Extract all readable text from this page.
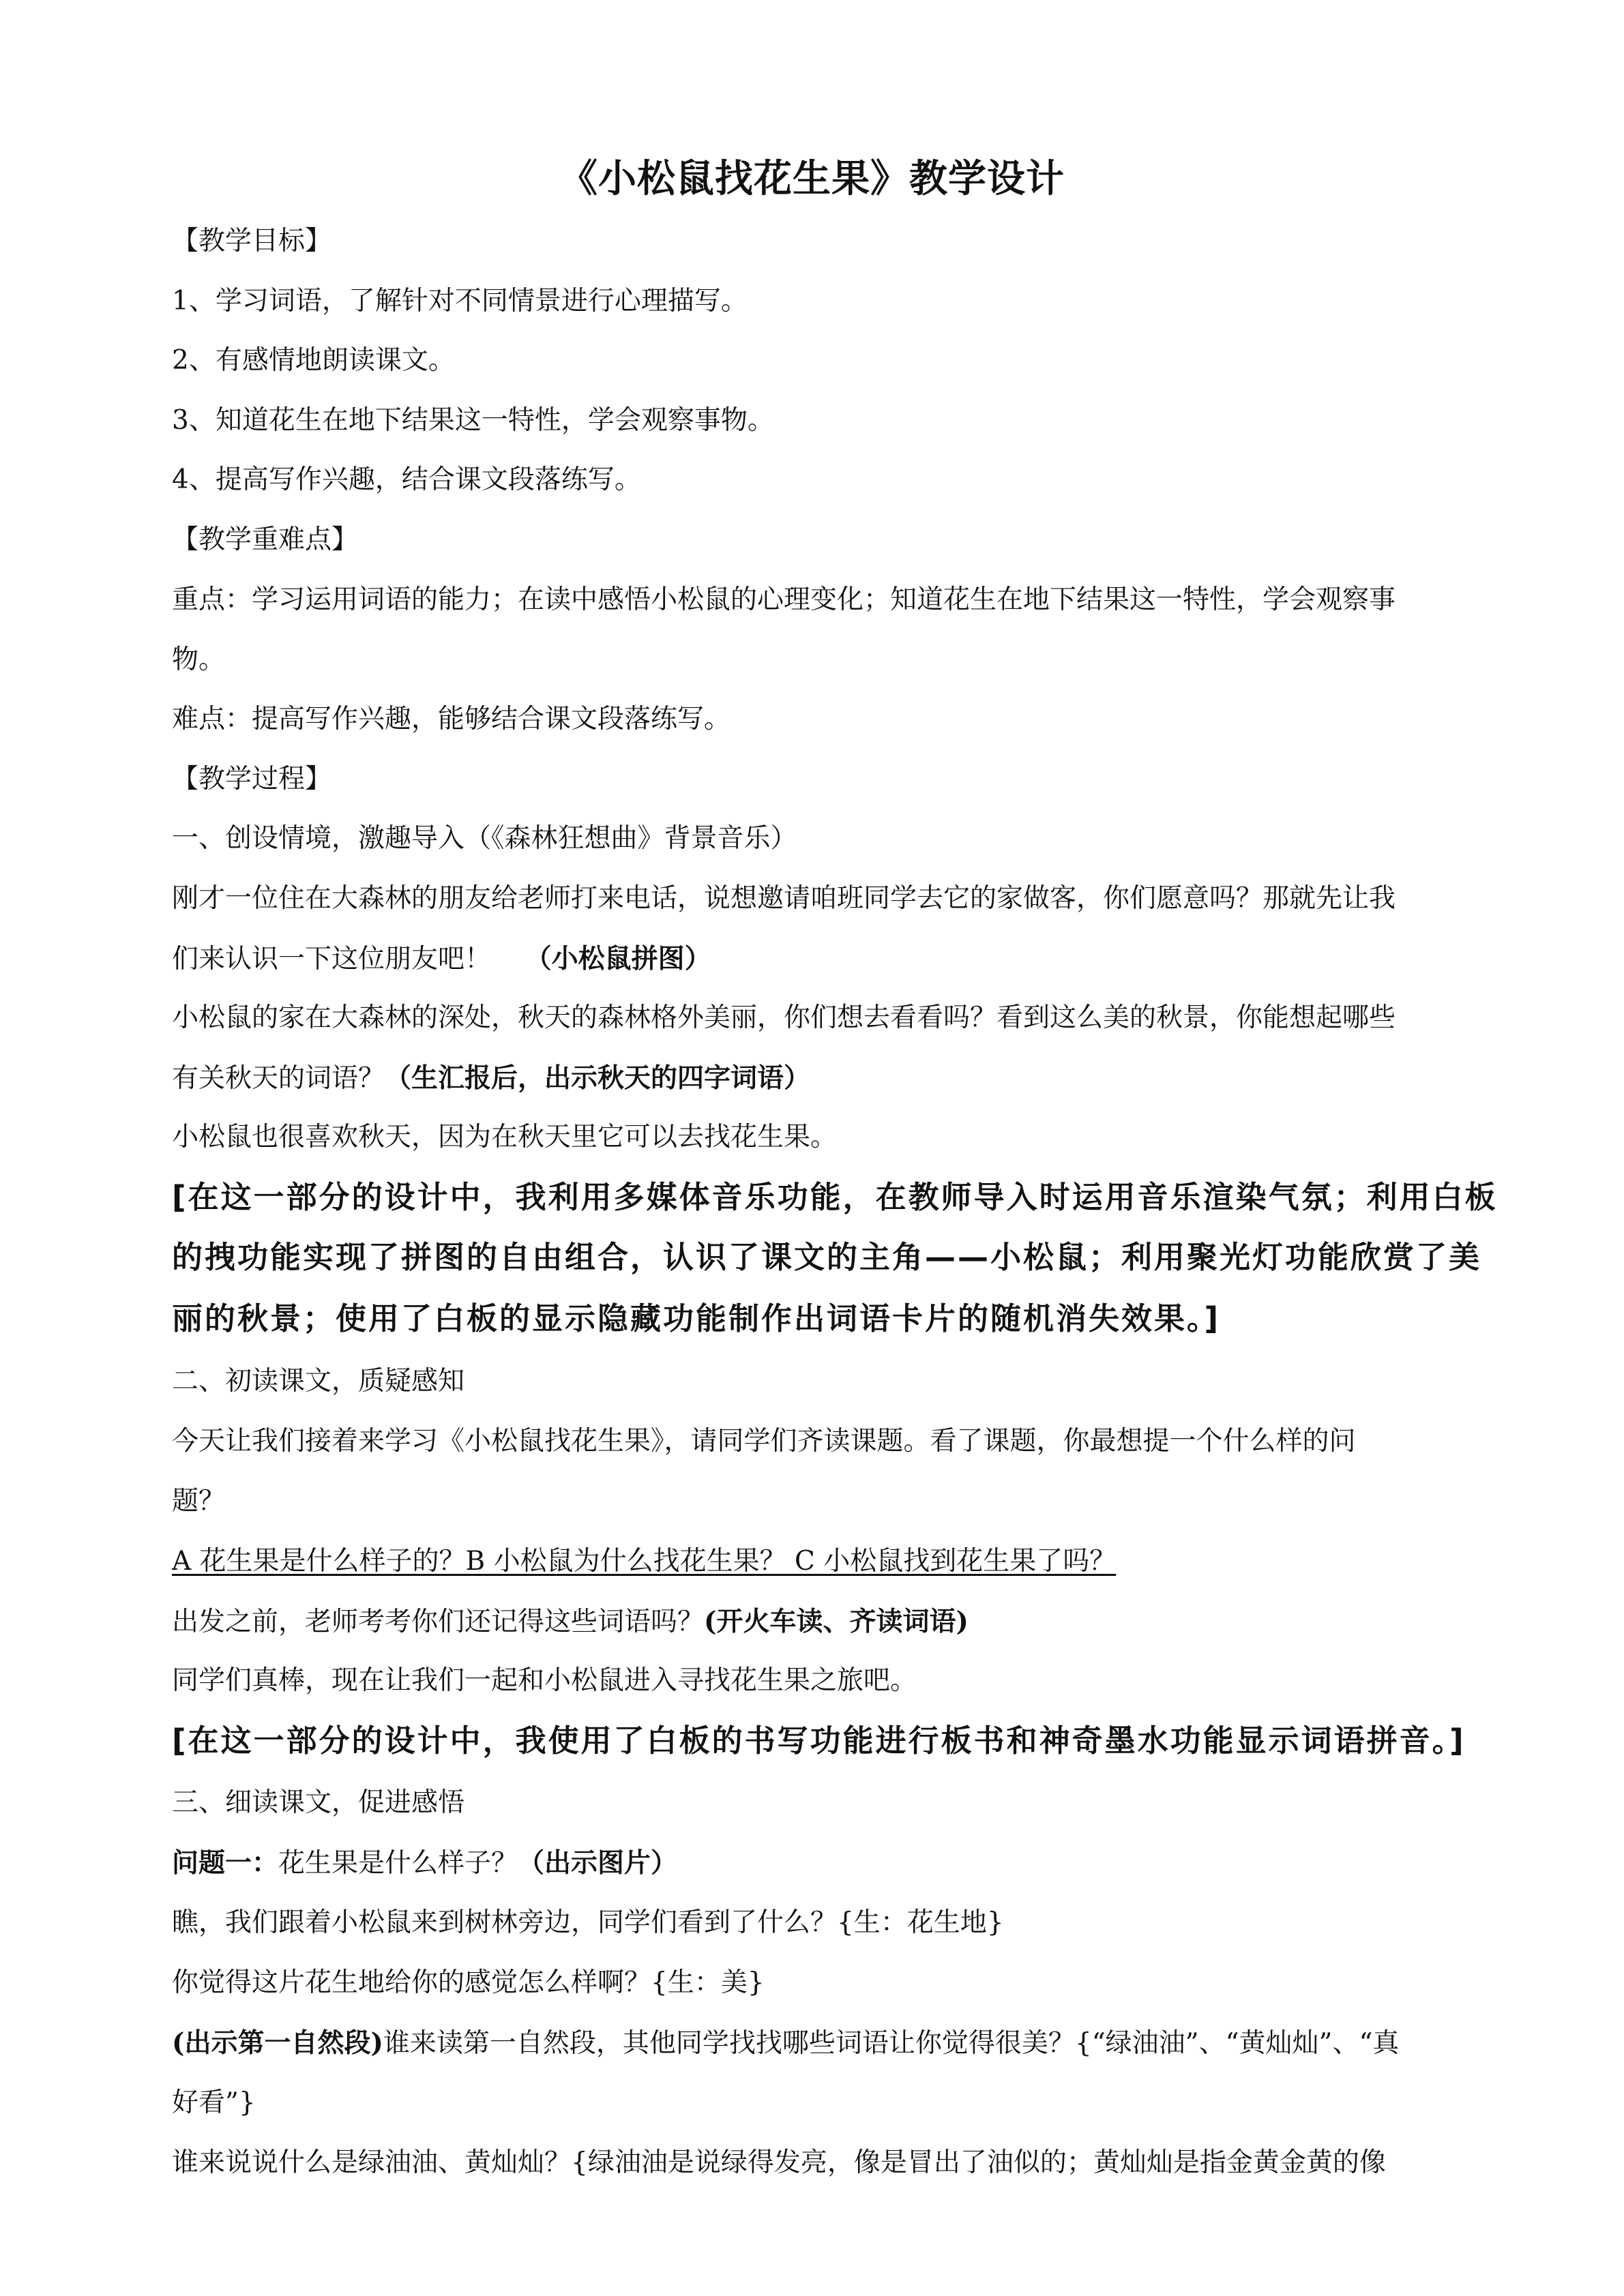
《小松鼠找花生果》教学设计
【教学目标】
1、学习词语，了解针对不同情景进行心理描写。
2、有感情地朗读课文。
3、知道花生在地下结果这一特性，学会观察事物。
4、提高写作兴趣，结合课文段落练写。
【教学重难点】
重点：学习运用词语的能力；在读中感悟小松鼠的心理变化；知道花生在地下结果这一特性，学会观察事
物。
难点：提高写作兴趣，能够结合课文段落练写。
【教学过程】
一、创设情境，激趣导入（《森林狂想曲》背景音乐）
刚才一位住在大森林的朋友给老师打来电话，说想邀请咱班同学去它的家做客，你们愿意吗？那就先让我
们来认识一下这位朋友吧！ （小松鼠拼图）
小松鼠的家在大森林的深处，秋天的森林格外美丽，你们想去看看吗？看到这么美的秋景，你能想起哪些
有关秋天的词语？（生汇报后，出示秋天的四字词语）
小松鼠也很喜欢秋天，因为在秋天里它可以去找花生果。
[在这一部分的设计中，我利用多媒体音乐功能，在教师导入时运用音乐渲染气氛；利用白板
的拽功能实现了拼图的自由组合，认识了课文的主角——小松鼠；利用聚光灯功能欣赏了美
丽的秋景；使用了白板的显示隐藏功能制作出词语卡片的随机消失效果。]
二、初读课文，质疑感知
今天让我们接着来学习《小松鼠找花生果》，请同学们齐读课题。看了课题，你最想提一个什么样的问
题？
A 花生果是什么样子的？B 小松鼠为什么找花生果？ C 小松鼠找到花生果了吗？
出发之前，老师考考你们还记得这些词语吗？(开火车读、齐读词语)
同学们真棒，现在让我们一起和小松鼠进入寻找花生果之旅吧。
[在这一部分的设计中，我使用了白板的书写功能进行板书和神奇墨水功能显示词语拼音。]
三、细读课文，促进感悟
问题一：花生果是什么样子？（出示图片）
瞧，我们跟着小松鼠来到树林旁边，同学们看到了什么？{生：花生地}
你觉得这片花生地给你的感觉怎么样啊？{生：美}
(出示第一自然段)谁来读第一自然段，其他同学找找哪些词语让你觉得很美？{“绿油油”、“黄灿灿”、“真
好看”}
谁来说说什么是绿油油、黄灿灿？{绿油油是说绿得发亮，像是冒出了油似的；黄灿灿是指金黄金黄的像
